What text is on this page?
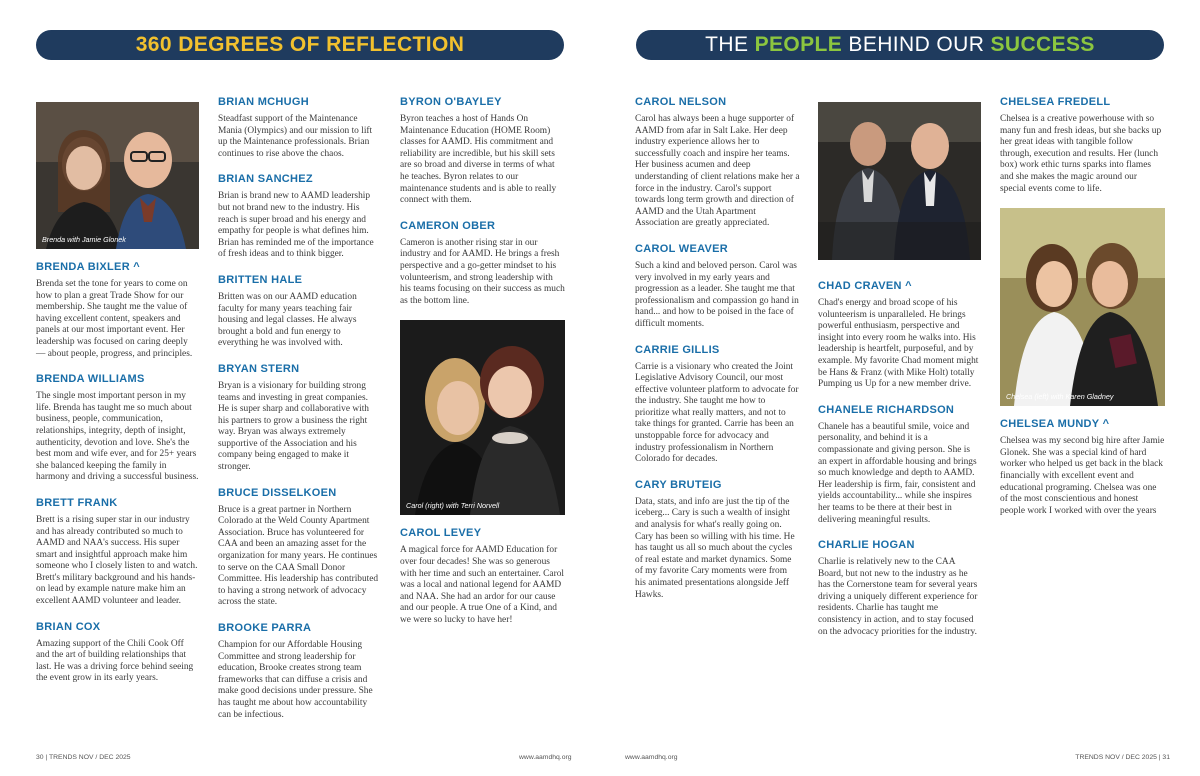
360 DEGREES OF REFLECTION	THE PEOPLE BEHIND OUR SUCCESS
Brenda with Jamie Glonek
BRENDA BIXLER ^

Brenda set the tone for years to come on how to plan a great Trade Show for our membership. She taught me the value of having excellent content, speakers and panels at our most important event. Her leadership was focused on caring deeply — about people, progress, and principles.

BRENDA WILLIAMS

The single most important person in my life. Brenda has taught me so much about business, people, communication, relationships, integrity, depth of insight, authenticity, devotion and love. She's the best mom and wife ever, and for 25+ years she balanced keeping the family in harmony and driving a successful business.

BRETT FRANK

Brett is a rising super star in our industry and has already contributed so much to AAMD and NAA's success. His super smart and insightful approach make him someone who I closely listen to and watch. Brett's military background and his hands-on lead by example nature make him an excellent AAMD volunteer and leader.

BRIAN COX

Amazing support of the Chili Cook Off and the art of building relationships that last. He was a driving force behind seeing the event grow in its early years.

BRIAN MCHUGH

Steadfast support of the Maintenance Mania (Olympics) and our mission to lift up the Maintenance professionals. Brian continues to rise above the chaos.

BRIAN SANCHEZ

Brian is brand new to AAMD leadership but not brand new to the industry. His reach is super broad and his energy and empathy for people is what defines him. Brian has reminded me of the importance of fresh ideas and to think bigger.

BRITTEN HALE

Britten was on our AAMD education faculty for many years teaching fair housing and legal classes. He always brought a bold and fun energy to everything he was involved with.

BRYAN STERN

Bryan is a visionary for building strong teams and investing in great companies. He is super sharp and collaborative with his partners to grow a business the right way. Bryan was always extremely supportive of the Association and his company being engaged to make it stronger.

BRUCE DISSELKOEN

Bruce is a great partner in Northern Colorado at the Weld County Apartment Association. Bruce has volunteered for CAA and been an amazing asset for the organization for many years. He continues to serve on the CAA Small Donor Committee. His leadership has contributed to having a strong network of advocacy across the state.

BROOKE PARRA

Champion for our Affordable Housing Committee and strong leadership for education, Brooke creates strong team frameworks that can diffuse a crisis and make good decisions under pressure. She has taught me about how accountability can be infectious.

BYRON O'BAYLEY

Byron teaches a host of Hands On Maintenance Education (HOME Room) classes for AAMD. His commitment and reliability are incredible, but his skill sets are so broad and diverse in terms of what he teaches. Byron relates to our maintenance students and is able to really connect with them.

CAMERON OBER

Cameron is another rising star in our industry and for AAMD. He brings a fresh perspective and a go-getter mindset to his volunteerism, and strong leadership with his teams focusing on their success as much as the bottom line.

Carol (right) with Terri Norvell
CAROL LEVEY

A magical force for AAMD Education for over four decades! She was so generous with her time and such an entertainer. Carol was a local and national legend for AAMD and NAA. She had an ardor for our cause and our people. A true One of a Kind, and we were so lucky to have her!

CAROL NELSON

Carol has always been a huge supporter of AAMD from afar in Salt Lake. Her deep industry experience allows her to successfully coach and inspire her teams. Her business acumen and deep understanding of client relations make her a force in the industry. Carol's support towards long term growth and direction of AAMD and the Utah Apartment Association are greatly appreciated.

CAROL WEAVER

Such a kind and beloved person. Carol was very involved in my early years and progression as a leader. She taught me that professionalism and compassion go hand in hand... and how to be poised in the face of difficult moments.

CARRIE GILLIS

Carrie is a visionary who created the Joint Legislative Advisory Council, our most effective volunteer platform to advocate for the industry. She taught me how to prioritize what really matters, and not to take things for granted. Carrie has been an unstoppable force for advocacy and industry professionalism in Northern Colorado for decades.

CARY BRUTEIG

Data, stats, and info are just the tip of the iceberg... Cary is such a wealth of insight and analysis for what's really going on. Cary has been so willing with his time. He has taught us all so much about the cycles of real estate and market dynamics. Some of my favorite Cary moments were from his animated presentations alongside Jeff Hawks.

CHAD CRAVEN ^

Chad's energy and broad scope of his volunteerism is unparalleled. He brings powerful enthusiasm, perspective and insight into every room he walks into. His leadership is heartfelt, purposeful, and by example. My favorite Chad moment might be Hans & Franz (with Mike Holt) totally Pumping us Up for a new member drive.

CHANELE RICHARDSON

Chanele has a beautiful smile, voice and personality, and behind it is a compassionate and giving person. She is an expert in affordable housing and brings so much knowledge and depth to AAMD. Her leadership is firm, fair, consistent and yields accountability... while she inspires her teams to be there at their best in delivering meaningful results.

CHARLIE HOGAN

Charlie is relatively new to the CAA Board, but not new to the industry as he has the Cornerstone team for several years driving a uniquely different experience for residents. Charlie has taught me consistency in action, and to stay focused on the advocacy priorities for the industry.

CHELSEA FREDELL

Chelsea is a creative powerhouse with so many fun and fresh ideas, but she backs up her great ideas with tangible follow through, execution and results. Her (lunch box) work ethic turns sparks into flames and she makes the magic around our special events come to life.

Chelsea (left) with Karen Gladney
CHELSEA MUNDY ^

Chelsea was my second big hire after Jamie Glonek. She was a special kind of hard worker who helped us get back in the black financially with excellent event and educational programing. Chelsea was one of the most conscientious and honest people work I worked with over the years

30 | TRENDS NOV / DEC 2025	www.aamdhq.org	www.aamdhq.org	TRENDS NOV / DEC 2025 | 31
